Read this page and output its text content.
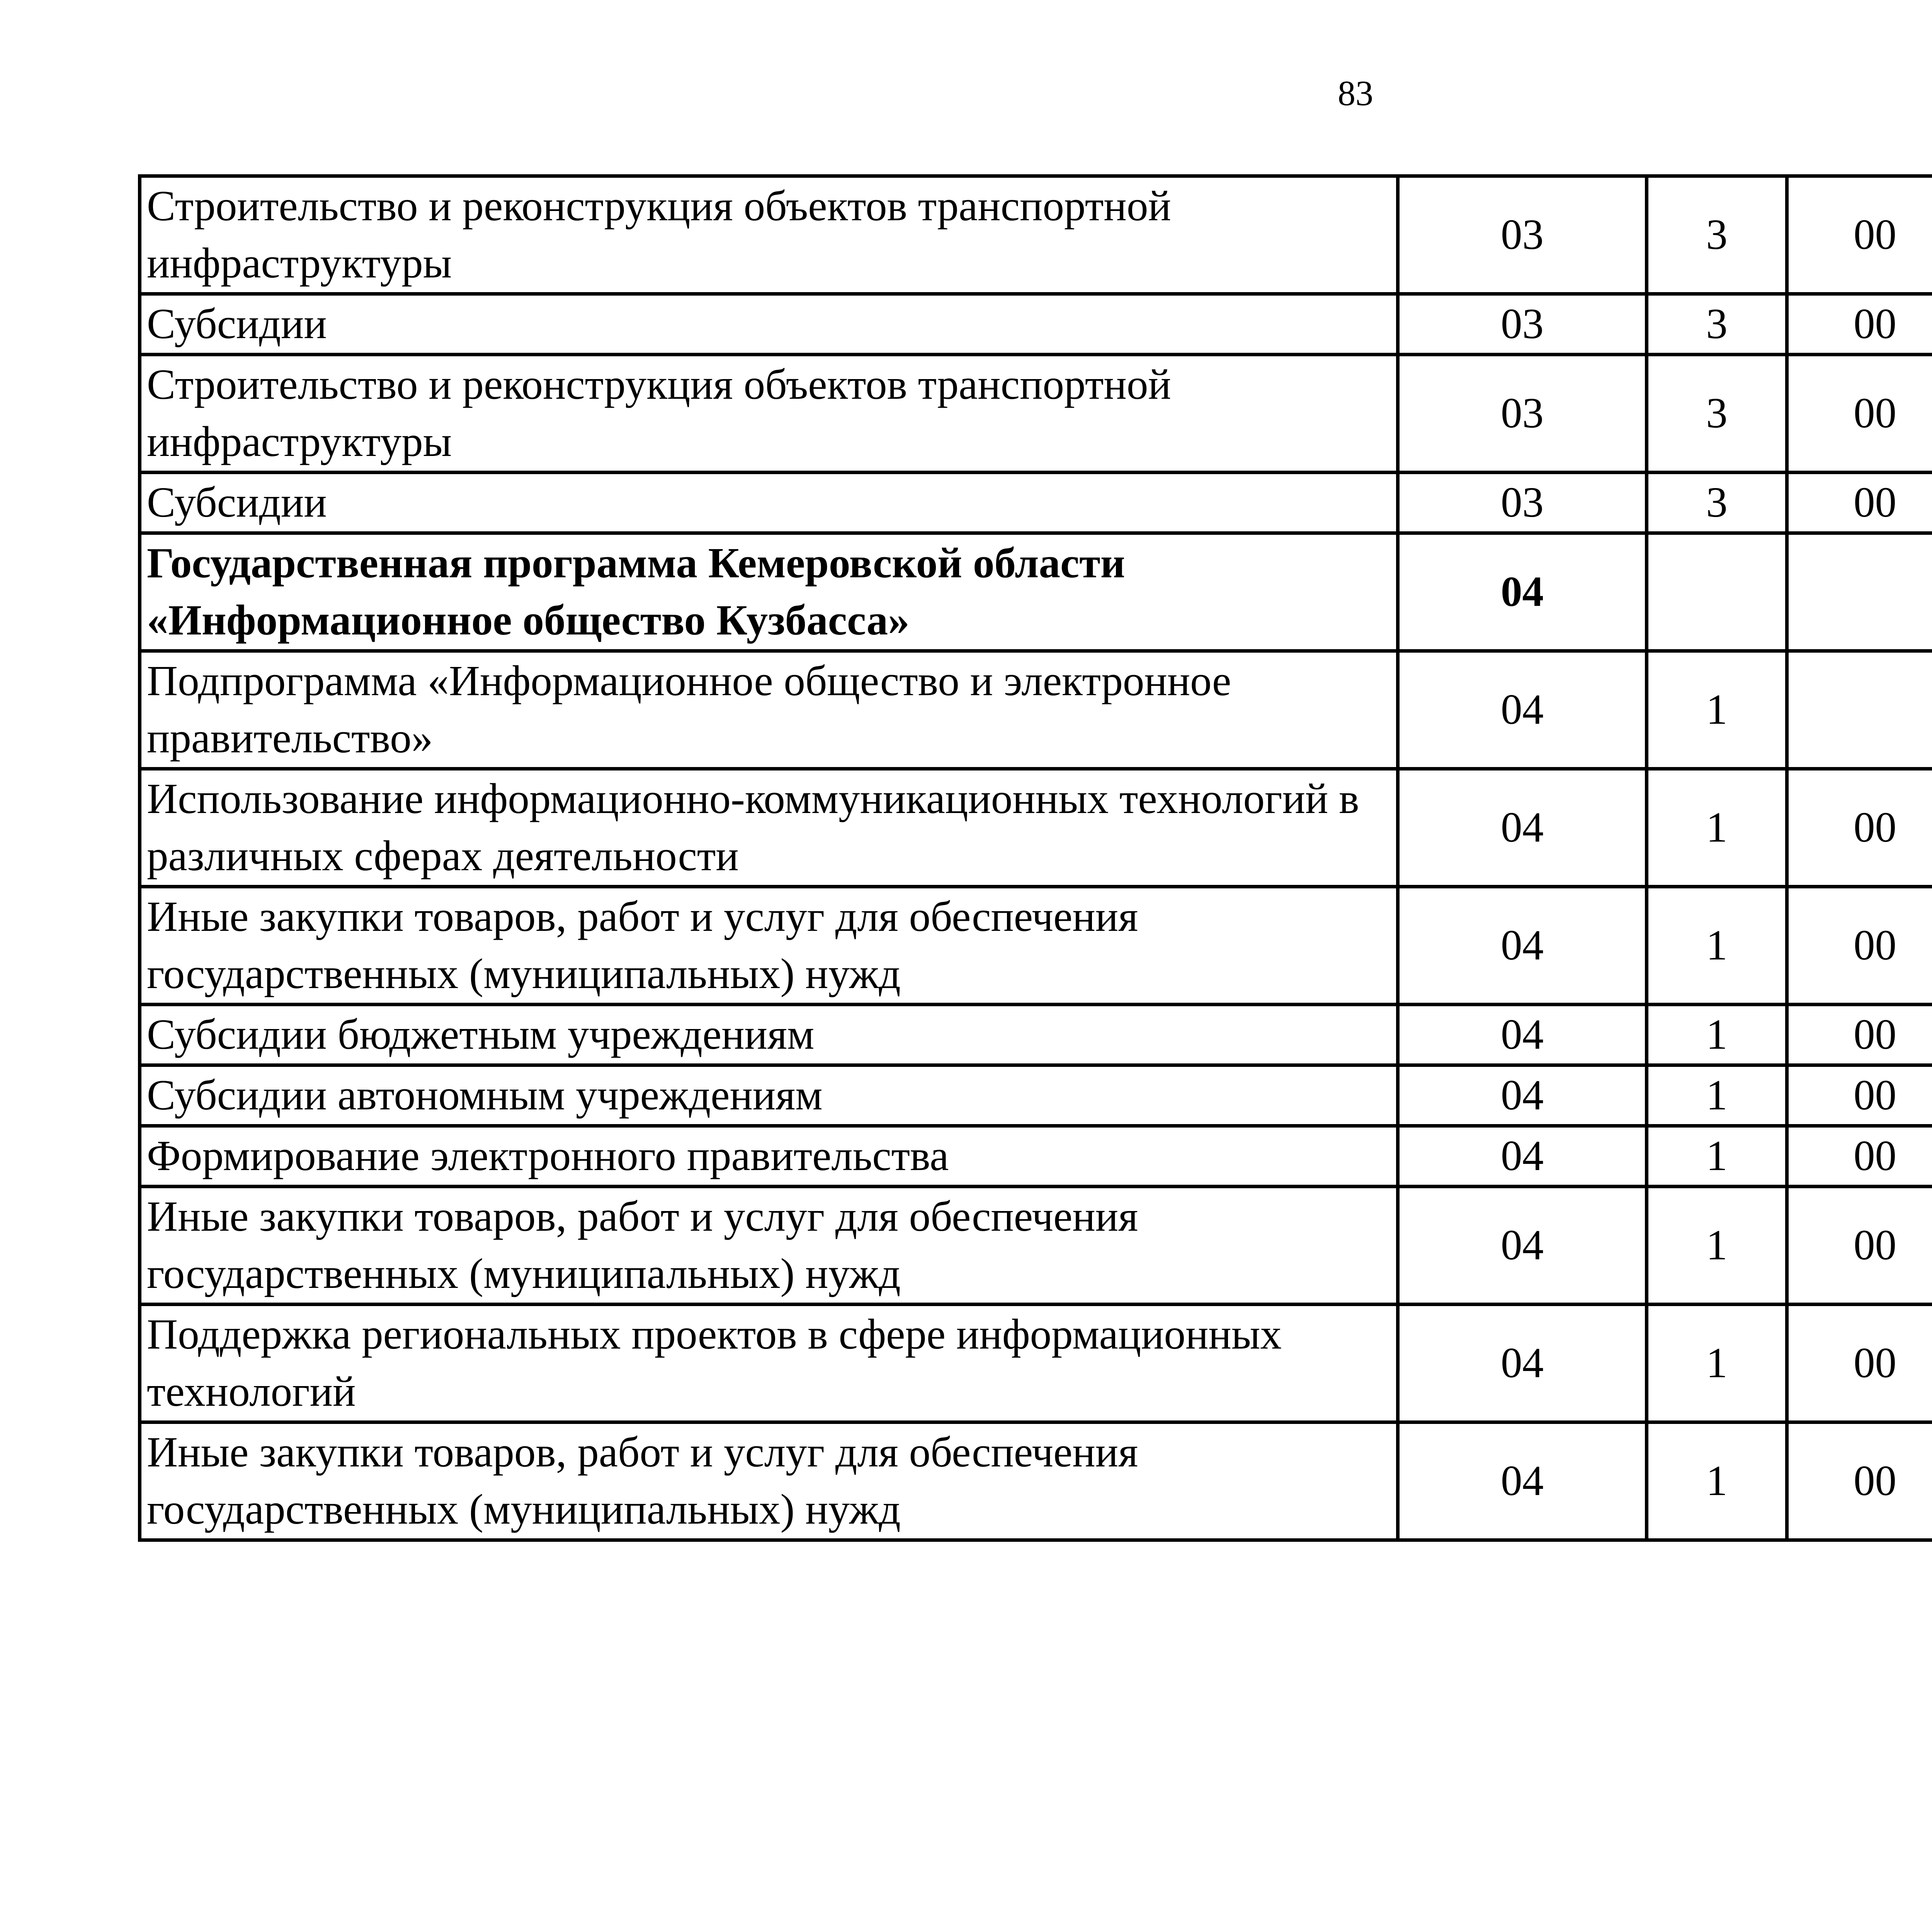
83
Строительство и реконструкция объектов транспортной инфраструктуры	03	3	00			
Субсидии	03	3	00			
Строительство и реконструкция объектов транспортной инфраструктуры	03	3	00			
Субсидии	03	3	00			
Государственная программа Кемеровской области «Информационное общество Кузбасса»	04					
Подпрограмма «Информационное общество и электронное правительство»	04	1				
Использование информационно-коммуникационных технологий в различных сферах деятельности	04	1	00			
Иные закупки товаров, работ и услуг для обеспечения государственных (муниципальных) нужд	04	1	00			
Субсидии бюджетным учреждениям	04	1	00			
Субсидии автономным учреждениям	04	1	00			
Формирование электронного правительства	04	1	00			
Иные закупки товаров, работ и услуг для обеспечения государственных (муниципальных) нужд	04	1	00			
Поддержка региональных проектов в сфере информационных технологий	04	1	00			
Иные закупки товаров, работ и услуг для обеспечения государственных (муниципальных) нужд	04	1	00			
